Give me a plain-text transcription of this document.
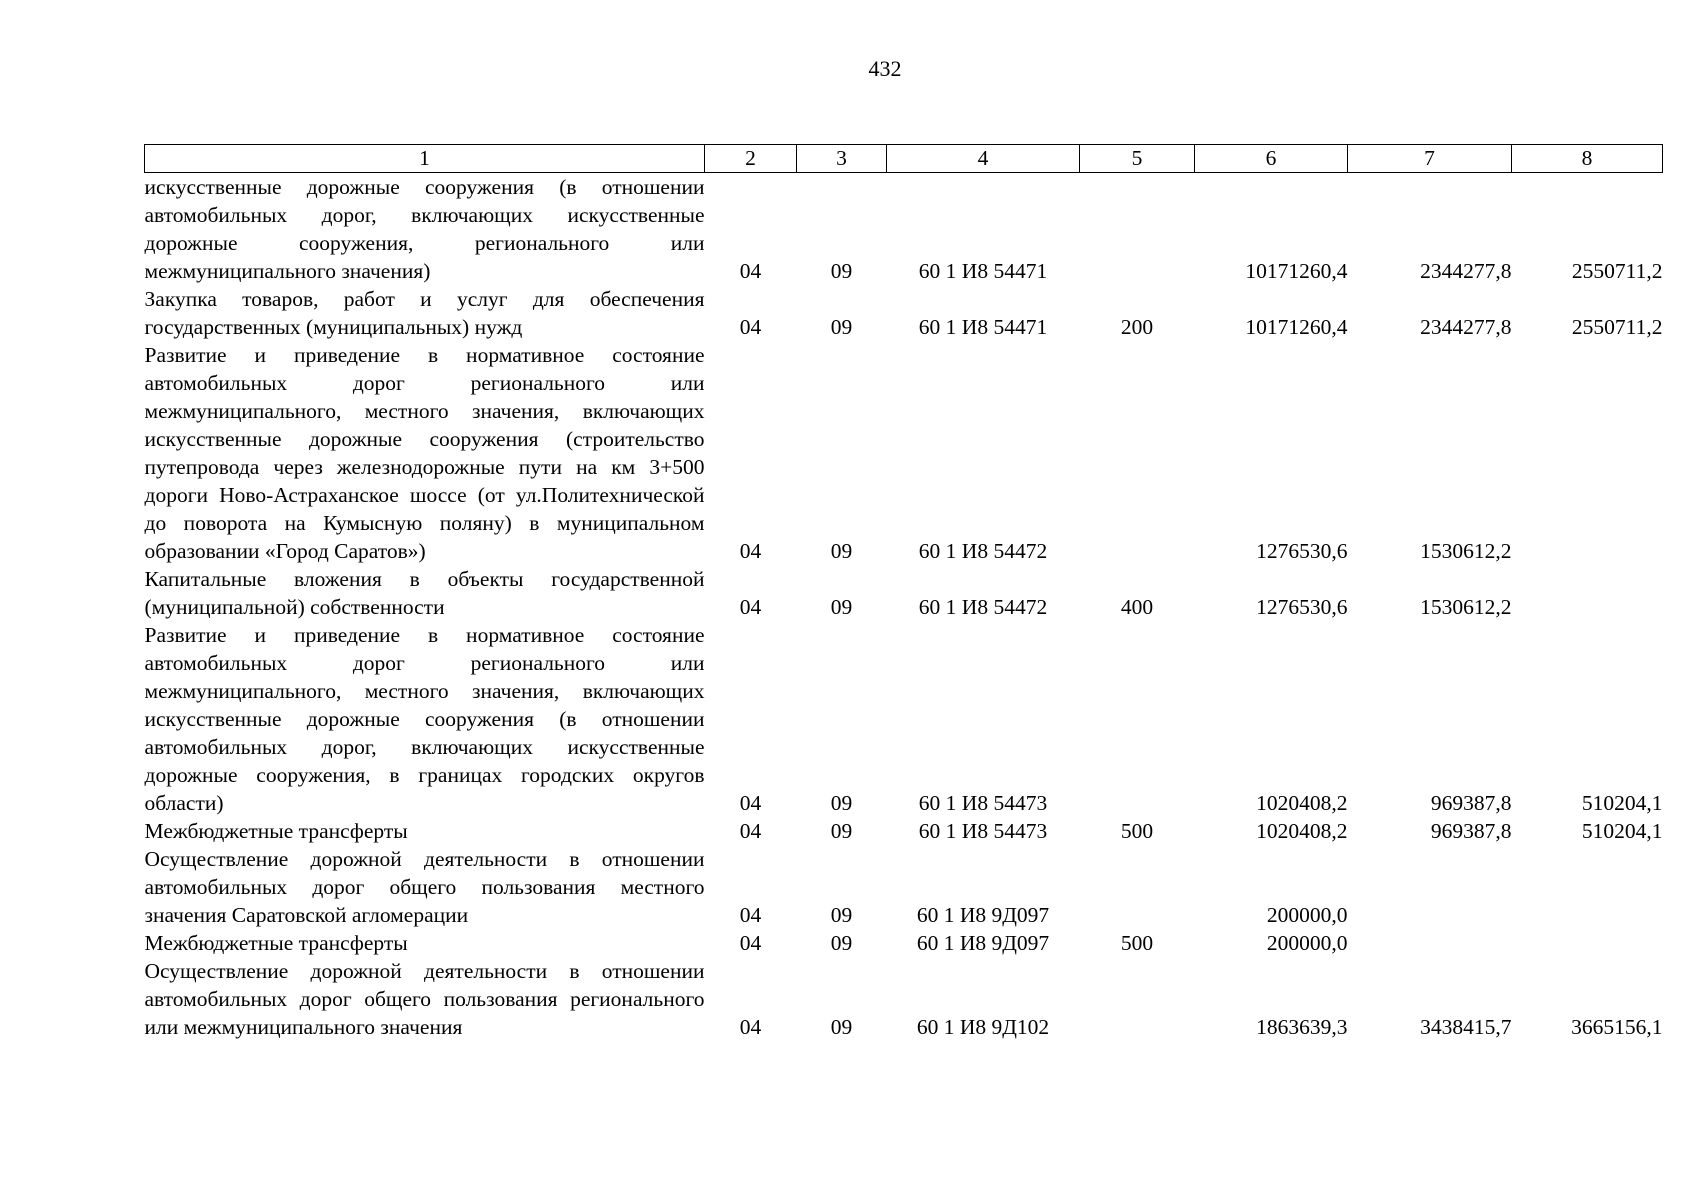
432
1	2	3	4	5	6	7	8
искусственные дорожные сооружения (в отношении автомобильных дорог, включающих искусственные дорожные сооружения, регионального или межмуниципального значения)	04	09	60 1 И8 54471		10171260,4	2344277,8	2550711,2
Закупка товаров, работ и услуг для обеспечения государственных (муниципальных) нужд	04	09	60 1 И8 54471	200	10171260,4	2344277,8	2550711,2
Развитие и приведение в нормативное состояние автомобильных дорог регионального или межмуниципального, местного значения, включающих искусственные дорожные сооружения (строительство путепровода через железнодорожные пути на км 3+500 дороги Ново-Астраханское шоссе (от ул.Политехнической до поворота на Кумысную поляну) в муниципальном образовании «Город Саратов»)	04	09	60 1 И8 54472		1276530,6	1530612,2	
Капитальные вложения в объекты государственной (муниципальной) собственности	04	09	60 1 И8 54472	400	1276530,6	1530612,2	
Развитие и приведение в нормативное состояние автомобильных дорог регионального или межмуниципального, местного значения, включающих искусственные дорожные сооружения (в отношении автомобильных дорог, включающих искусственные дорожные сооружения, в границах городских округов области)	04	09	60 1 И8 54473		1020408,2	969387,8	510204,1
Межбюджетные трансферты	04	09	60 1 И8 54473	500	1020408,2	969387,8	510204,1
Осуществление дорожной деятельности в отношении автомобильных дорог общего пользования местного значения Саратовской агломерации	04	09	60 1 И8 9Д097		200000,0		
Межбюджетные трансферты	04	09	60 1 И8 9Д097	500	200000,0		
Осуществление дорожной деятельности в отношении автомобильных дорог общего пользования регионального или межмуниципального значения	04	09	60 1 И8 9Д102		1863639,3	3438415,7	3665156,1
